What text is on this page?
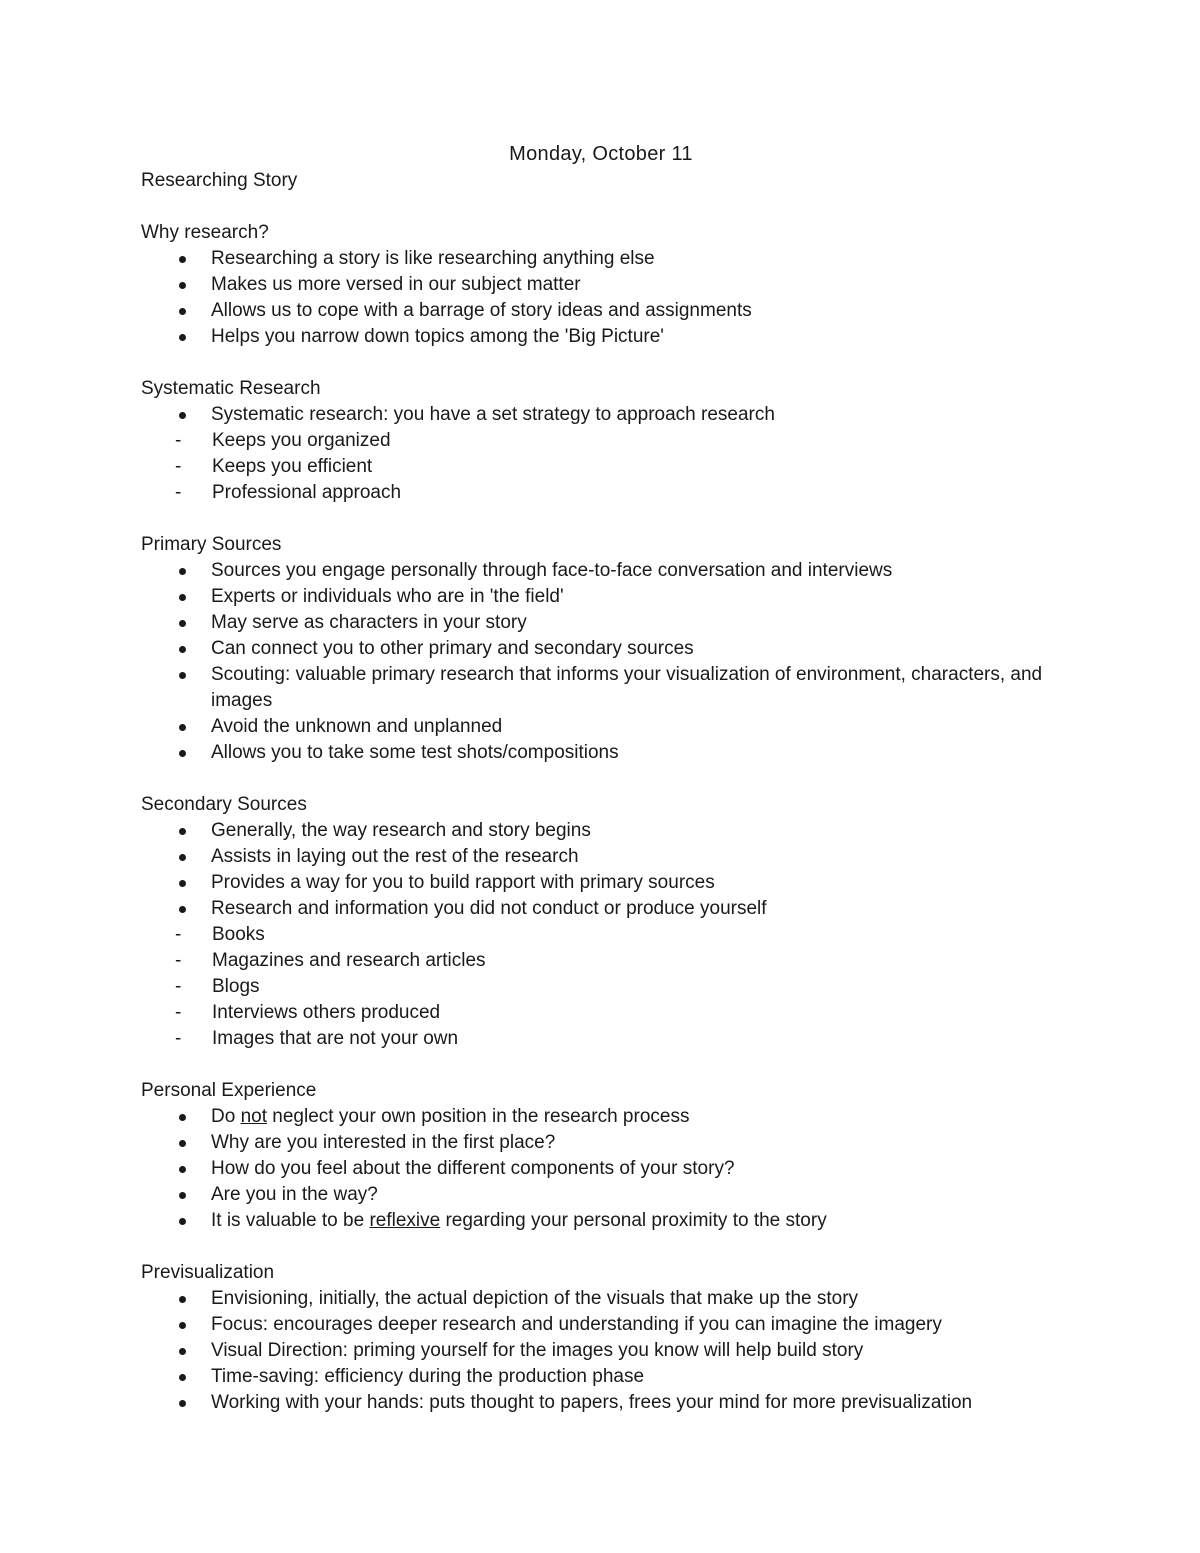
Monday, October 11
Researching Story
Why research?
Researching a story is like researching anything else
Makes us more versed in our subject matter
Allows us to cope with a barrage of story ideas and assignments
Helps you narrow down topics among the 'Big Picture'
Systematic Research
Systematic research: you have a set strategy to approach research
- Keeps you organized
- Keeps you efficient
- Professional approach
Primary Sources
Sources you engage personally through face-to-face conversation and interviews
Experts or individuals who are in 'the field'
May serve as characters in your story
Can connect you to other primary and secondary sources
Scouting: valuable primary research that informs your visualization of environment, characters, and images
Avoid the unknown and unplanned
Allows you to take some test shots/compositions
Secondary Sources
Generally, the way research and story begins
Assists in laying out the rest of the research
Provides a way for you to build rapport with primary sources
Research and information you did not conduct or produce yourself
- Books
- Magazines and research articles
- Blogs
- Interviews others produced
- Images that are not your own
Personal Experience
Do not neglect your own position in the research process
Why are you interested in the first place?
How do you feel about the different components of your story?
Are you in the way?
It is valuable to be reflexive regarding your personal proximity to the story
Previsualization
Envisioning, initially, the actual depiction of the visuals that make up the story
Focus: encourages deeper research and understanding if you can imagine the imagery
Visual Direction: priming yourself for the images you know will help build story
Time-saving: efficiency during the production phase
Working with your hands: puts thought to papers, frees your mind for more previsualization
